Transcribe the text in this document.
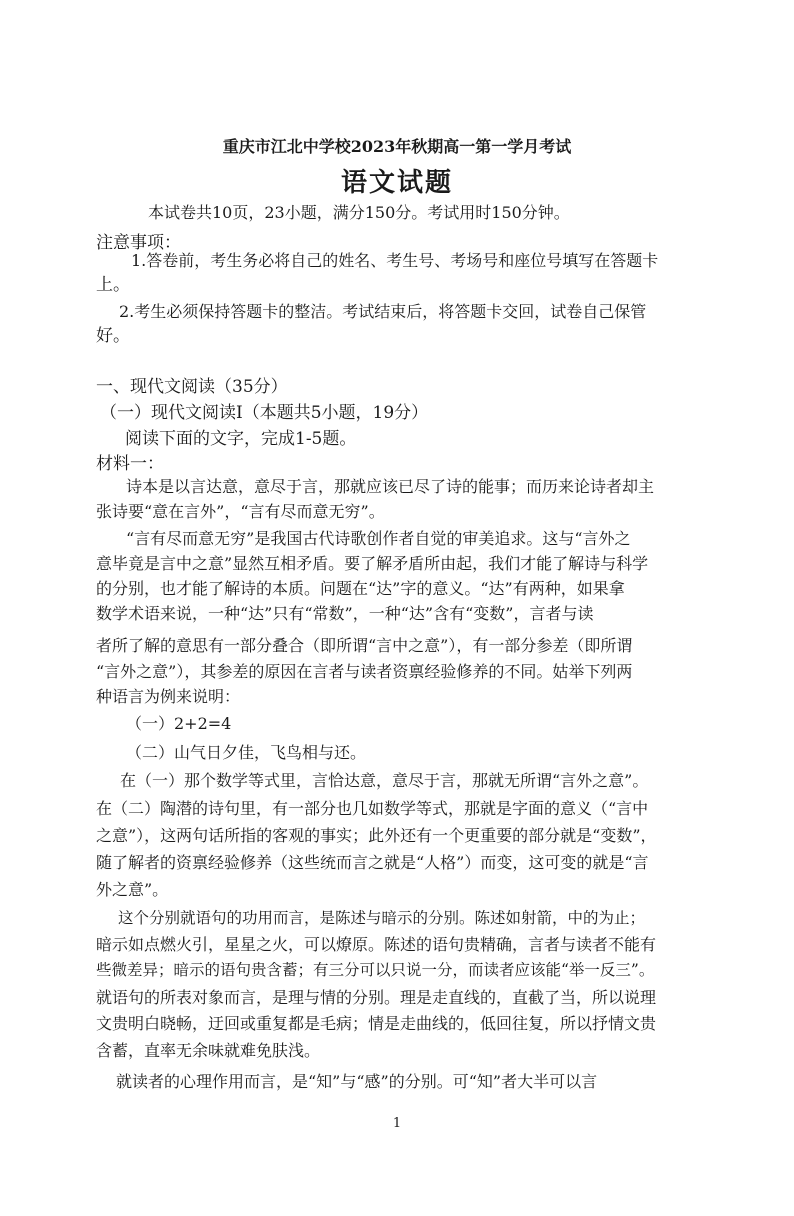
重庆市江北中学校2023年秋期高一第一学月考试

语文试题

本试卷共10页，23小题，满分150分。考试用时150分钟。

注意事项：

1.答卷前，考生务必将自己的姓名、考生号、考场号和座位号填写在答题卡

上。

2.考生必须保持答题卡的整洁。考试结束后，将答题卡交回，试卷自己保管

好。

一、现代文阅读（35分）

（一）现代文阅读Ⅰ（本题共5小题，19分）

阅读下面的文字，完成1-5题。

材料一：

诗本是以言达意，意尽于言，那就应该已尽了诗的能事；而历来论诗者却主

张诗要“意在言外”，“言有尽而意无穷”。

“言有尽而意无穷”是我国古代诗歌创作者自觉的审美追求。这与“言外之

意毕竟是言中之意”显然互相矛盾。要了解矛盾所由起，我们才能了解诗与科学

的分别，也才能了解诗的本质。问题在“达”字的意义。“达”有两种，如果拿

数学术语来说，一种“达”只有“常数”，一种“达”含有“变数”，言者与读

者所了解的意思有一部分叠合（即所谓“言中之意”），有一部分参差（即所谓

“言外之意”），其参差的原因在言者与读者资禀经验修养的不同。姑举下列两

种语言为例来说明：

（一）2+2=4

（二）山气日夕佳，飞鸟相与还。

在（一）那个数学等式里，言恰达意，意尽于言，那就无所谓“言外之意”。

在（二）陶潜的诗句里，有一部分也几如数学等式，那就是字面的意义（“言中

之意”），这两句话所指的客观的事实；此外还有一个更重要的部分就是“变数”，

随了解者的资禀经验修养（这些统而言之就是“人格”）而变，这可变的就是“言

外之意”。

这个分别就语句的功用而言，是陈述与暗示的分别。陈述如射箭，中的为止；

暗示如点燃火引，星星之火，可以燎原。陈述的语句贵精确，言者与读者不能有

些微差异；暗示的语句贵含蓄；有三分可以只说一分，而读者应该能“举一反三”。

就语句的所表对象而言，是理与情的分别。理是走直线的，直截了当，所以说理

文贵明白晓畅，迂回或重复都是毛病；情是走曲线的，低回往复，所以抒情文贵

含蓄，直率无余味就难免肤浅。

就读者的心理作用而言，是“知”与“感”的分别。可“知”者大半可以言

1
